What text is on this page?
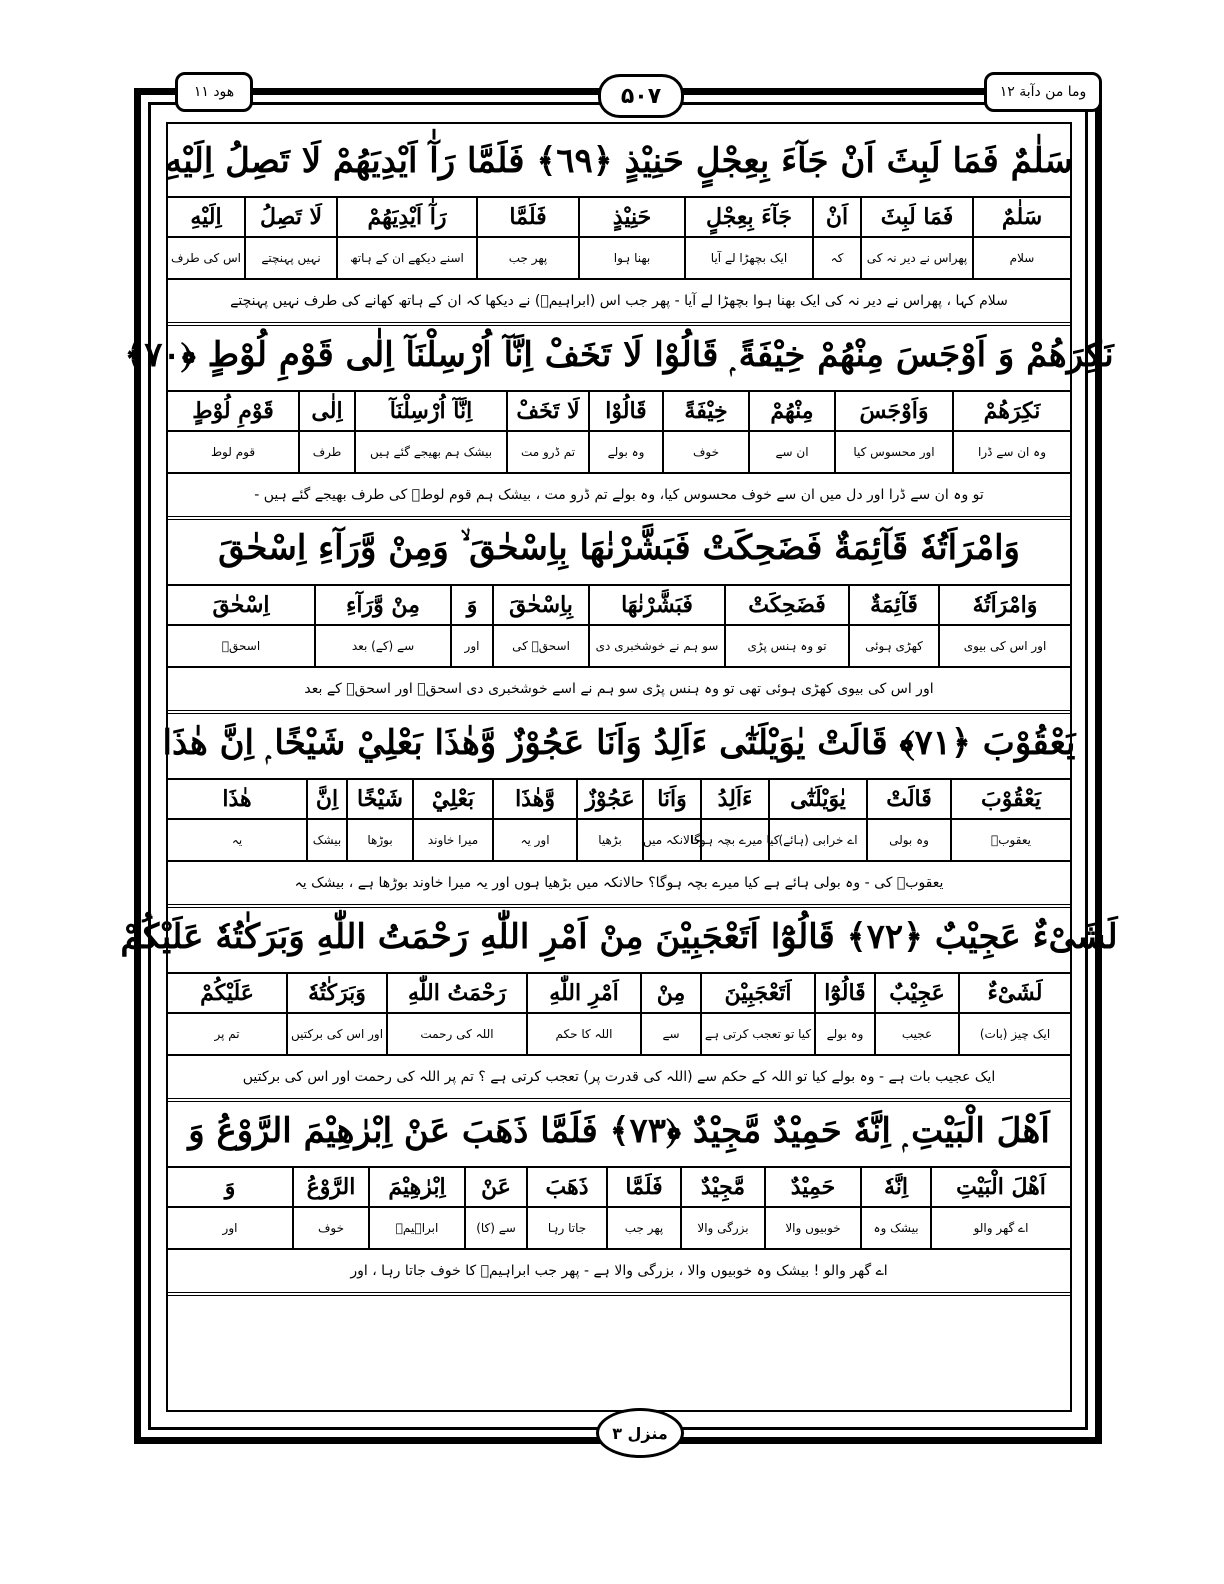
هود ۱۱	۵۰۷	وما من دآبة ۱۲
سَلٰمٌ فَمَا لَبِثَ اَنْ جَآءَ بِعِجْلٍ حَنِيْذٍ ﴿٦٩﴾ فَلَمَّا رَآٰ اَيْدِيَهُمْ لَا تَصِلُ اِلَيْهِ
سَلٰمٌ
فَمَا لَبِثَ
اَنْ
جَآءَ بِعِجْلٍ
حَنِيْذٍ
فَلَمَّا
رَآٰ اَيْدِيَهُمْ
لَا تَصِلُ
اِلَيْهِ
سلام
پھراس نے دیر نہ کی
کہ
ایک بچھڑا لے آیا
بھنا ہوا
پھر جب
اسنے دیکھے ان کے ہاتھ
نہیں پہنچتے
اس کی طرف
سلام کہا ، پھراس نے دیر نہ کی ایک بھنا ہوا بچھڑا لے آیا - پھر جب اس (ابراہیمؑ) نے دیکھا کہ ان کے ہاتھ کھانے کی طرف نہیں پہنچتے
نَكِرَهُمْ وَ اَوْجَسَ مِنْهُمْ خِيْفَةً ۭ قَالُوْا لَا تَخَفْ اِنَّآ اُرْسِلْنَآ اِلٰى قَوْمِ لُوْطٍ ﴿٧٠﴾
نَكِرَهُمْ
وَاَوْجَسَ
مِنْهُمْ
خِيْفَةً
قَالُوْا
لَا تَخَفْ
اِنَّآ اُرْسِلْنَآ
اِلٰى
قَوْمِ لُوْطٍ
وہ ان سے ڈرا
اور محسوس کیا
ان سے
خوف
وہ بولے
تم ڈرو مت
بیشک ہم بھیجے گئے ہیں
طرف
قوم لوط
تو وہ ان سے ڈرا اور دل میں ان سے خوف محسوس کیا، وہ بولے تم ڈرو مت ، بیشک ہم قوم لوطؑ کی طرف بھیجے گئے ہیں -
وَامْرَاَتُهٗ قَآئِمَةٌ فَضَحِكَتْ فَبَشَّرْنٰهَا بِاِسْحٰقَ ۙ وَمِنْ وَّرَآءِ اِسْحٰقَ
وَامْرَاَتُهٗ
قَآئِمَةٌ
فَضَحِكَتْ
فَبَشَّرْنٰهَا
بِاِسْحٰقَ
وَ
مِنْ وَّرَآءِ
اِسْحٰقَ
اور اس کی بیوی
کھڑی ہوئی
تو وہ ہنس پڑی
سو ہم نے خوشخبری دی
اسحقؑ کی
اور
سے (کے) بعد
اسحقؑ
اور اس کی بیوی کھڑی ہوئی تھی تو وہ ہنس پڑی سو ہم نے اسے خوشخبری دی اسحقؑ اور اسحقؑ کے بعد
يَعْقُوْبَ ﴿٧١﴾ قَالَتْ يٰوَيْلَتٰٓى ءَاَلِدُ وَاَنَا عَجُوْزٌ وَّهٰذَا بَعْلِيْ شَيْخًا ۭ اِنَّ هٰذَا
يَعْقُوْبَ
قَالَتْ
يٰوَيْلَتٰٓى
ءَاَلِدُ
وَاَنَا
عَجُوْزٌ
وَّهٰذَا
بَعْلِيْ
شَيْخًا
اِنَّ
هٰذَا
یعقوبؑ
وہ بولی
اے خرابی (ہائے)
کیا میرے بچہ ہوگا
حالانکہ میں
بڑھیا
اور یہ
میرا خاوند
بوڑھا
بیشک
یہ
یعقوبؑ کی - وہ بولی ہائے ہے کیا میرے بچہ ہوگا؟ حالانکہ میں بڑھیا ہوں اور یہ میرا خاوند بوڑھا ہے ، بیشک یہ
لَشَیْءٌ عَجِيْبٌ ﴿٧٢﴾ قَالُوْٓا اَتَعْجَبِيْنَ مِنْ اَمْرِ اللّٰهِ رَحْمَتُ اللّٰهِ وَبَرَكٰتُهٗ عَلَيْكُمْ
لَشَیْءٌ
عَجِيْبٌ
قَالُوْٓا
اَتَعْجَبِيْنَ
مِنْ
اَمْرِ اللّٰهِ
رَحْمَتُ اللّٰهِ
وَبَرَكٰتُهٗ
عَلَيْكُمْ
ایک چیز (بات)
عجیب
وہ بولے
کیا تو تعجب کرتی ہے
سے
اللہ کا حکم
اللہ کی رحمت
اور اس کی برکتیں
تم پر
ایک عجیب بات ہے - وہ بولے کیا تو اللہ کے حکم سے (اللہ کی قدرت پر) تعجب کرتی ہے ؟ تم پر اللہ کی رحمت اور اس کی برکتیں
اَهْلَ الْبَيْتِ ۭ اِنَّهٗ حَمِيْدٌ مَّجِيْدٌ ﴿٧٣﴾ فَلَمَّا ذَهَبَ عَنْ اِبْرٰهِيْمَ الرَّوْعُ وَ
اَهْلَ الْبَيْتِ
اِنَّهٗ
حَمِيْدٌ
مَّجِيْدٌ
فَلَمَّا
ذَهَبَ
عَنْ
اِبْرٰهِيْمَ
الرَّوْعُ
وَ
اے گھر والو
بیشک وہ
خوبیوں والا
بزرگی والا
پھر جب
جاتا رہا
سے (کا)
ابراہیمؑ
خوف
اور
اے گھر والو ! بیشک وہ خوبیوں والا ، بزرگی والا ہے - پھر جب ابراہیمؑ کا خوف جاتا رہا ، اور
منزل ۳
